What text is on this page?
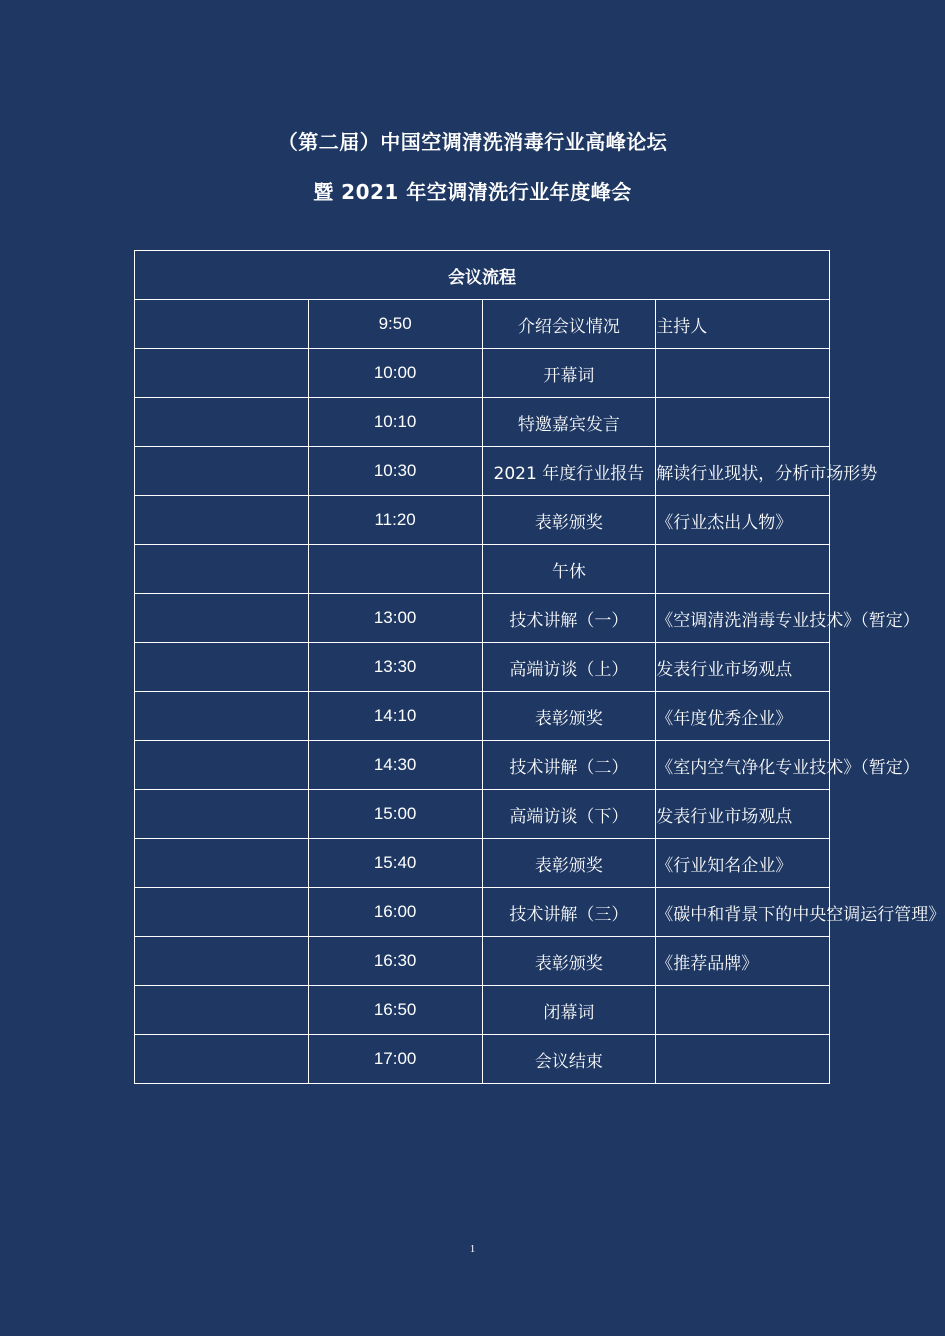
（第二届）中国空调清洗消毒行业高峰论坛
暨 2021 年空调清洗行业年度峰会
会议流程			
	9:50	介绍会议情况	主持人
	10:00	开幕词	
	10:10	特邀嘉宾发言	
	10:30	2021 年度行业报告	解读行业现状，分析市场形势
	11:20	表彰颁奖	《行业杰出人物》
		午休	
	13:00	技术讲解（一）	《空调清洗消毒专业技术》（暂定）
	13:30	高端访谈（上）	发表行业市场观点
	14:10	表彰颁奖	《年度优秀企业》
	14:30	技术讲解（二）	《室内空气净化专业技术》（暂定）
	15:00	高端访谈（下）	发表行业市场观点
	15:40	表彰颁奖	《行业知名企业》
	16:00	技术讲解（三）	《碳中和背景下的中央空调运行管理》
	16:30	表彰颁奖	《推荐品牌》
	16:50	闭幕词	
	17:00	会议结束	
1
